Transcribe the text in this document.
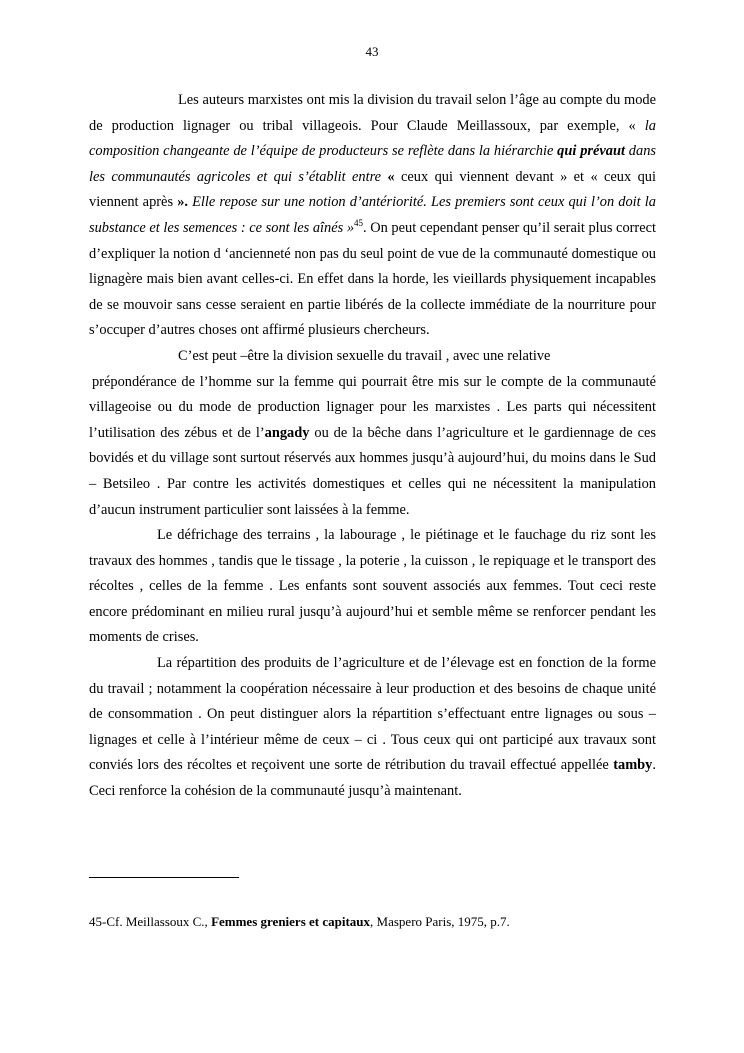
43

Les auteurs marxistes ont mis la division du travail selon l’âge au compte du mode de production lignager ou tribal villageois. Pour Claude Meillassoux, par exemple, « la composition changeante de l’équipe de producteurs se reflète dans la hiérarchie qui prévaut dans les communautés agricoles et qui s’établit entre « ceux qui viennent devant » et « ceux qui viennent après ». Elle repose sur une notion d’antériorité. Les premiers sont ceux qui l’on doit la substance et les semences : ce sont les aînés »$^{45}$. On peut cependant penser qu’il serait plus correct d’expliquer la notion d ‘ancienneté non pas du seul point de vue de la communauté domestique ou lignagère mais bien avant celles-ci. En effet dans la horde, les vieillards physiquement incapables de se mouvoir sans cesse seraient en partie libérés de la collecte immédiate de la nourriture pour s’occuper d’autres choses ont affirmé plusieurs chercheurs.

C’est peut –être la division sexuelle du travail , avec une relative

prépondérance de l’homme sur la femme qui pourrait être mis sur le compte de la communauté villageoise ou du mode de production lignager pour les marxistes . Les parts qui nécessitent l’utilisation des zébus et de l’angady ou de la bêche dans l’agriculture et le gardiennage de ces bovidés et du village sont surtout réservés aux hommes jusqu’à aujourd’hui, du moins dans le Sud – Betsileo . Par contre les activités domestiques et celles qui ne nécessitent la manipulation d’aucun instrument particulier sont laissées à la femme.

Le défrichage des terrains , la labourage , le piétinage et le fauchage du riz sont les travaux des hommes , tandis que le tissage , la poterie , la cuisson , le repiquage et le transport des récoltes , celles de la femme . Les enfants sont souvent associés aux femmes. Tout ceci reste encore prédominant en milieu rural jusqu’à aujourd’hui et semble même se renforcer pendant les moments de crises.

La répartition des produits de l’agriculture et de l’élevage est en fonction de la forme du travail ; notamment la coopération nécessaire à leur production et des besoins de chaque unité de consommation . On peut distinguer alors la répartition s’effectuant entre lignages ou sous – lignages et celle à l’intérieur même de ceux – ci . Tous ceux qui ont participé aux travaux sont conviés lors des récoltes et reçoivent une sorte de rétribution du travail effectué appellée tamby. Ceci renforce la cohésion de la communauté jusqu’à maintenant.

45-Cf. Meillassoux C., Femmes greniers et capitaux, Maspero Paris, 1975, p.7.
